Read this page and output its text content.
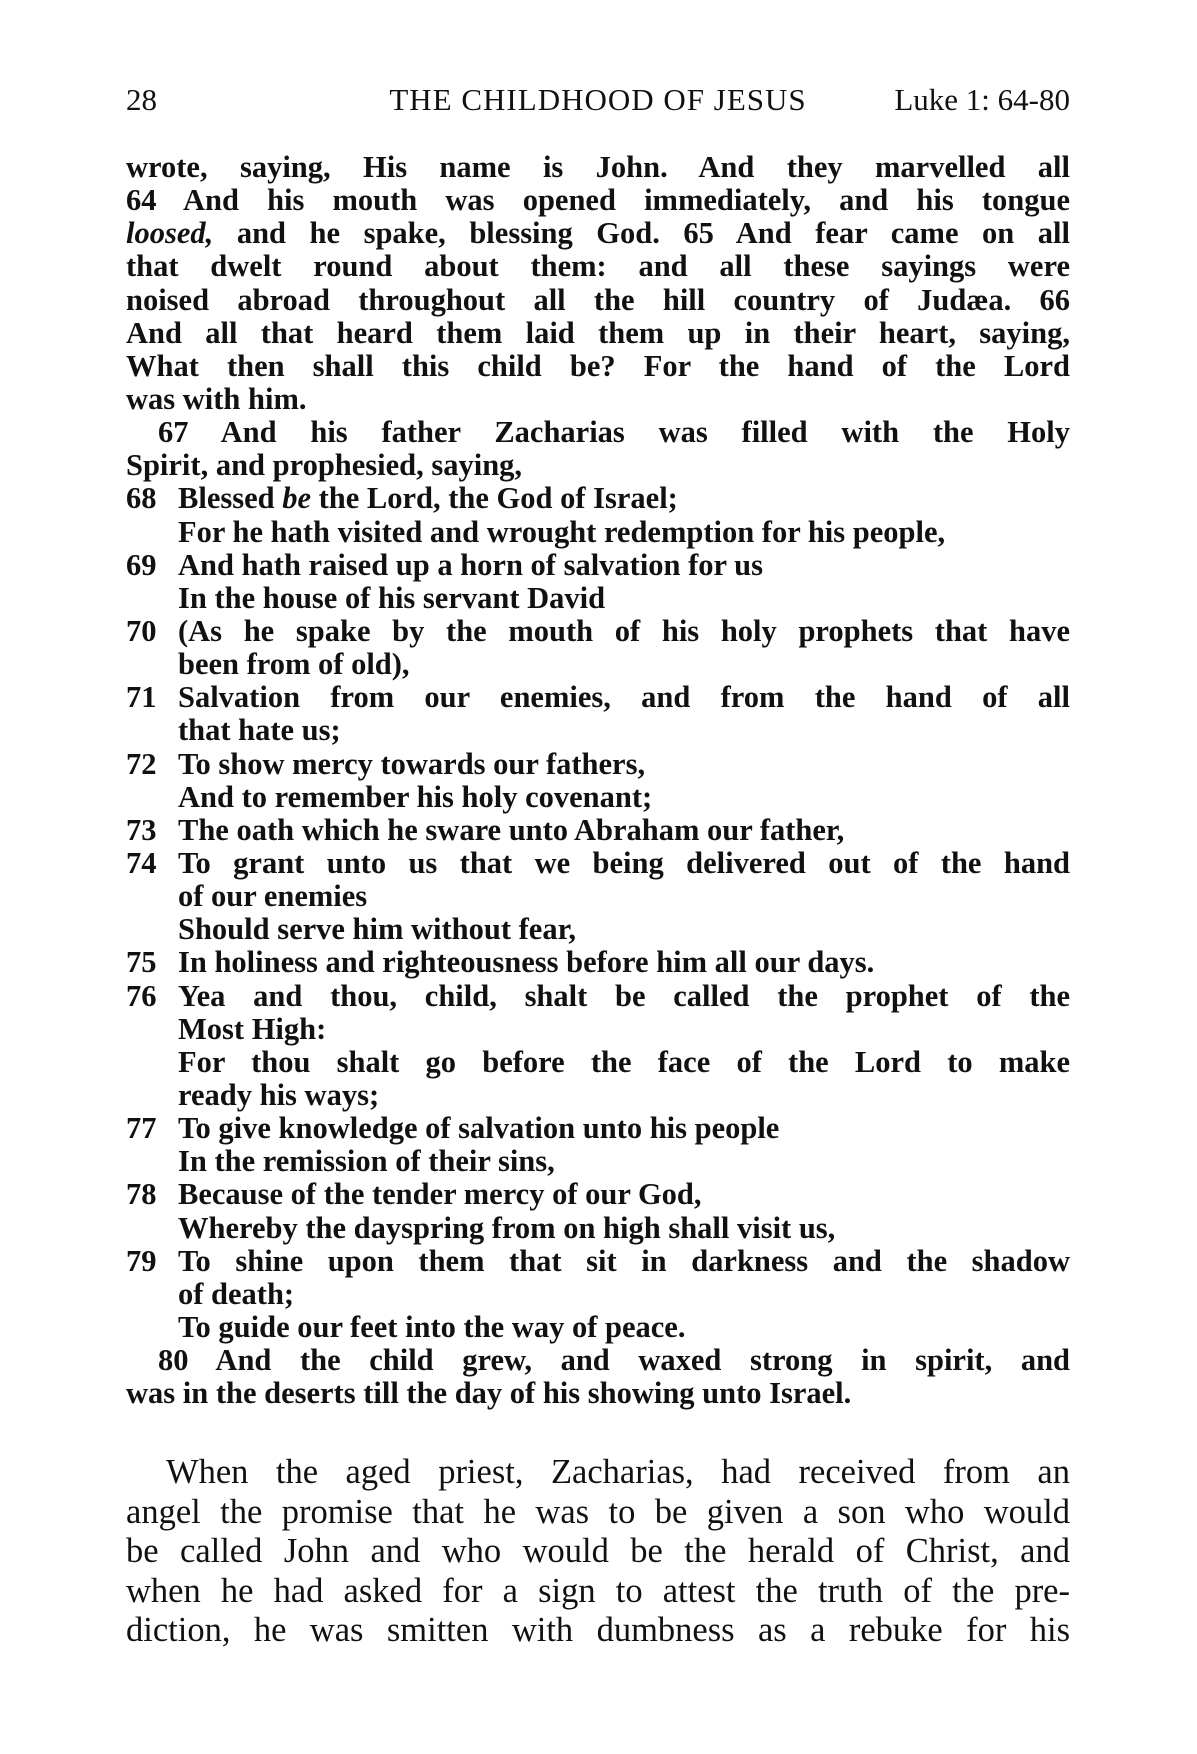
28	THE CHILDHOOD OF JESUS	Luke 1: 64-80
wrote, saying, His name is John. And they marvelled all
64 And his mouth was opened immediately, and his tongue
loosed, and he spake, blessing God. 65 And fear came on all
that dwelt round about them: and all these sayings were
noised abroad throughout all the hill country of Judæa. 66
And all that heard them laid them up in their heart, saying,
What then shall this child be? For the hand of the Lord
was with him.
67 And his father Zacharias was filled with the Holy
Spirit, and prophesied, saying,
68 Blessed be the Lord, the God of Israel;
For he hath visited and wrought redemption for his people,
69 And hath raised up a horn of salvation for us
In the house of his servant David
70 (As he spake by the mouth of his holy prophets that have
been from of old),
71 Salvation from our enemies, and from the hand of all
that hate us;
72 To show mercy towards our fathers,
And to remember his holy covenant;
73 The oath which he sware unto Abraham our father,
74 To grant unto us that we being delivered out of the hand
of our enemies
Should serve him without fear,
75 In holiness and righteousness before him all our days.
76 Yea and thou, child, shalt be called the prophet of the
Most High:
For thou shalt go before the face of the Lord to make
ready his ways;
77 To give knowledge of salvation unto his people
In the remission of their sins,
78 Because of the tender mercy of our God,
Whereby the dayspring from on high shall visit us,
79 To shine upon them that sit in darkness and the shadow
of death;
To guide our feet into the way of peace.
80 And the child grew, and waxed strong in spirit, and
was in the deserts till the day of his showing unto Israel.
When the aged priest, Zacharias, had received from an
angel the promise that he was to be given a son who would
be called John and who would be the herald of Christ, and
when he had asked for a sign to attest the truth of the pre-
diction, he was smitten with dumbness as a rebuke for his
